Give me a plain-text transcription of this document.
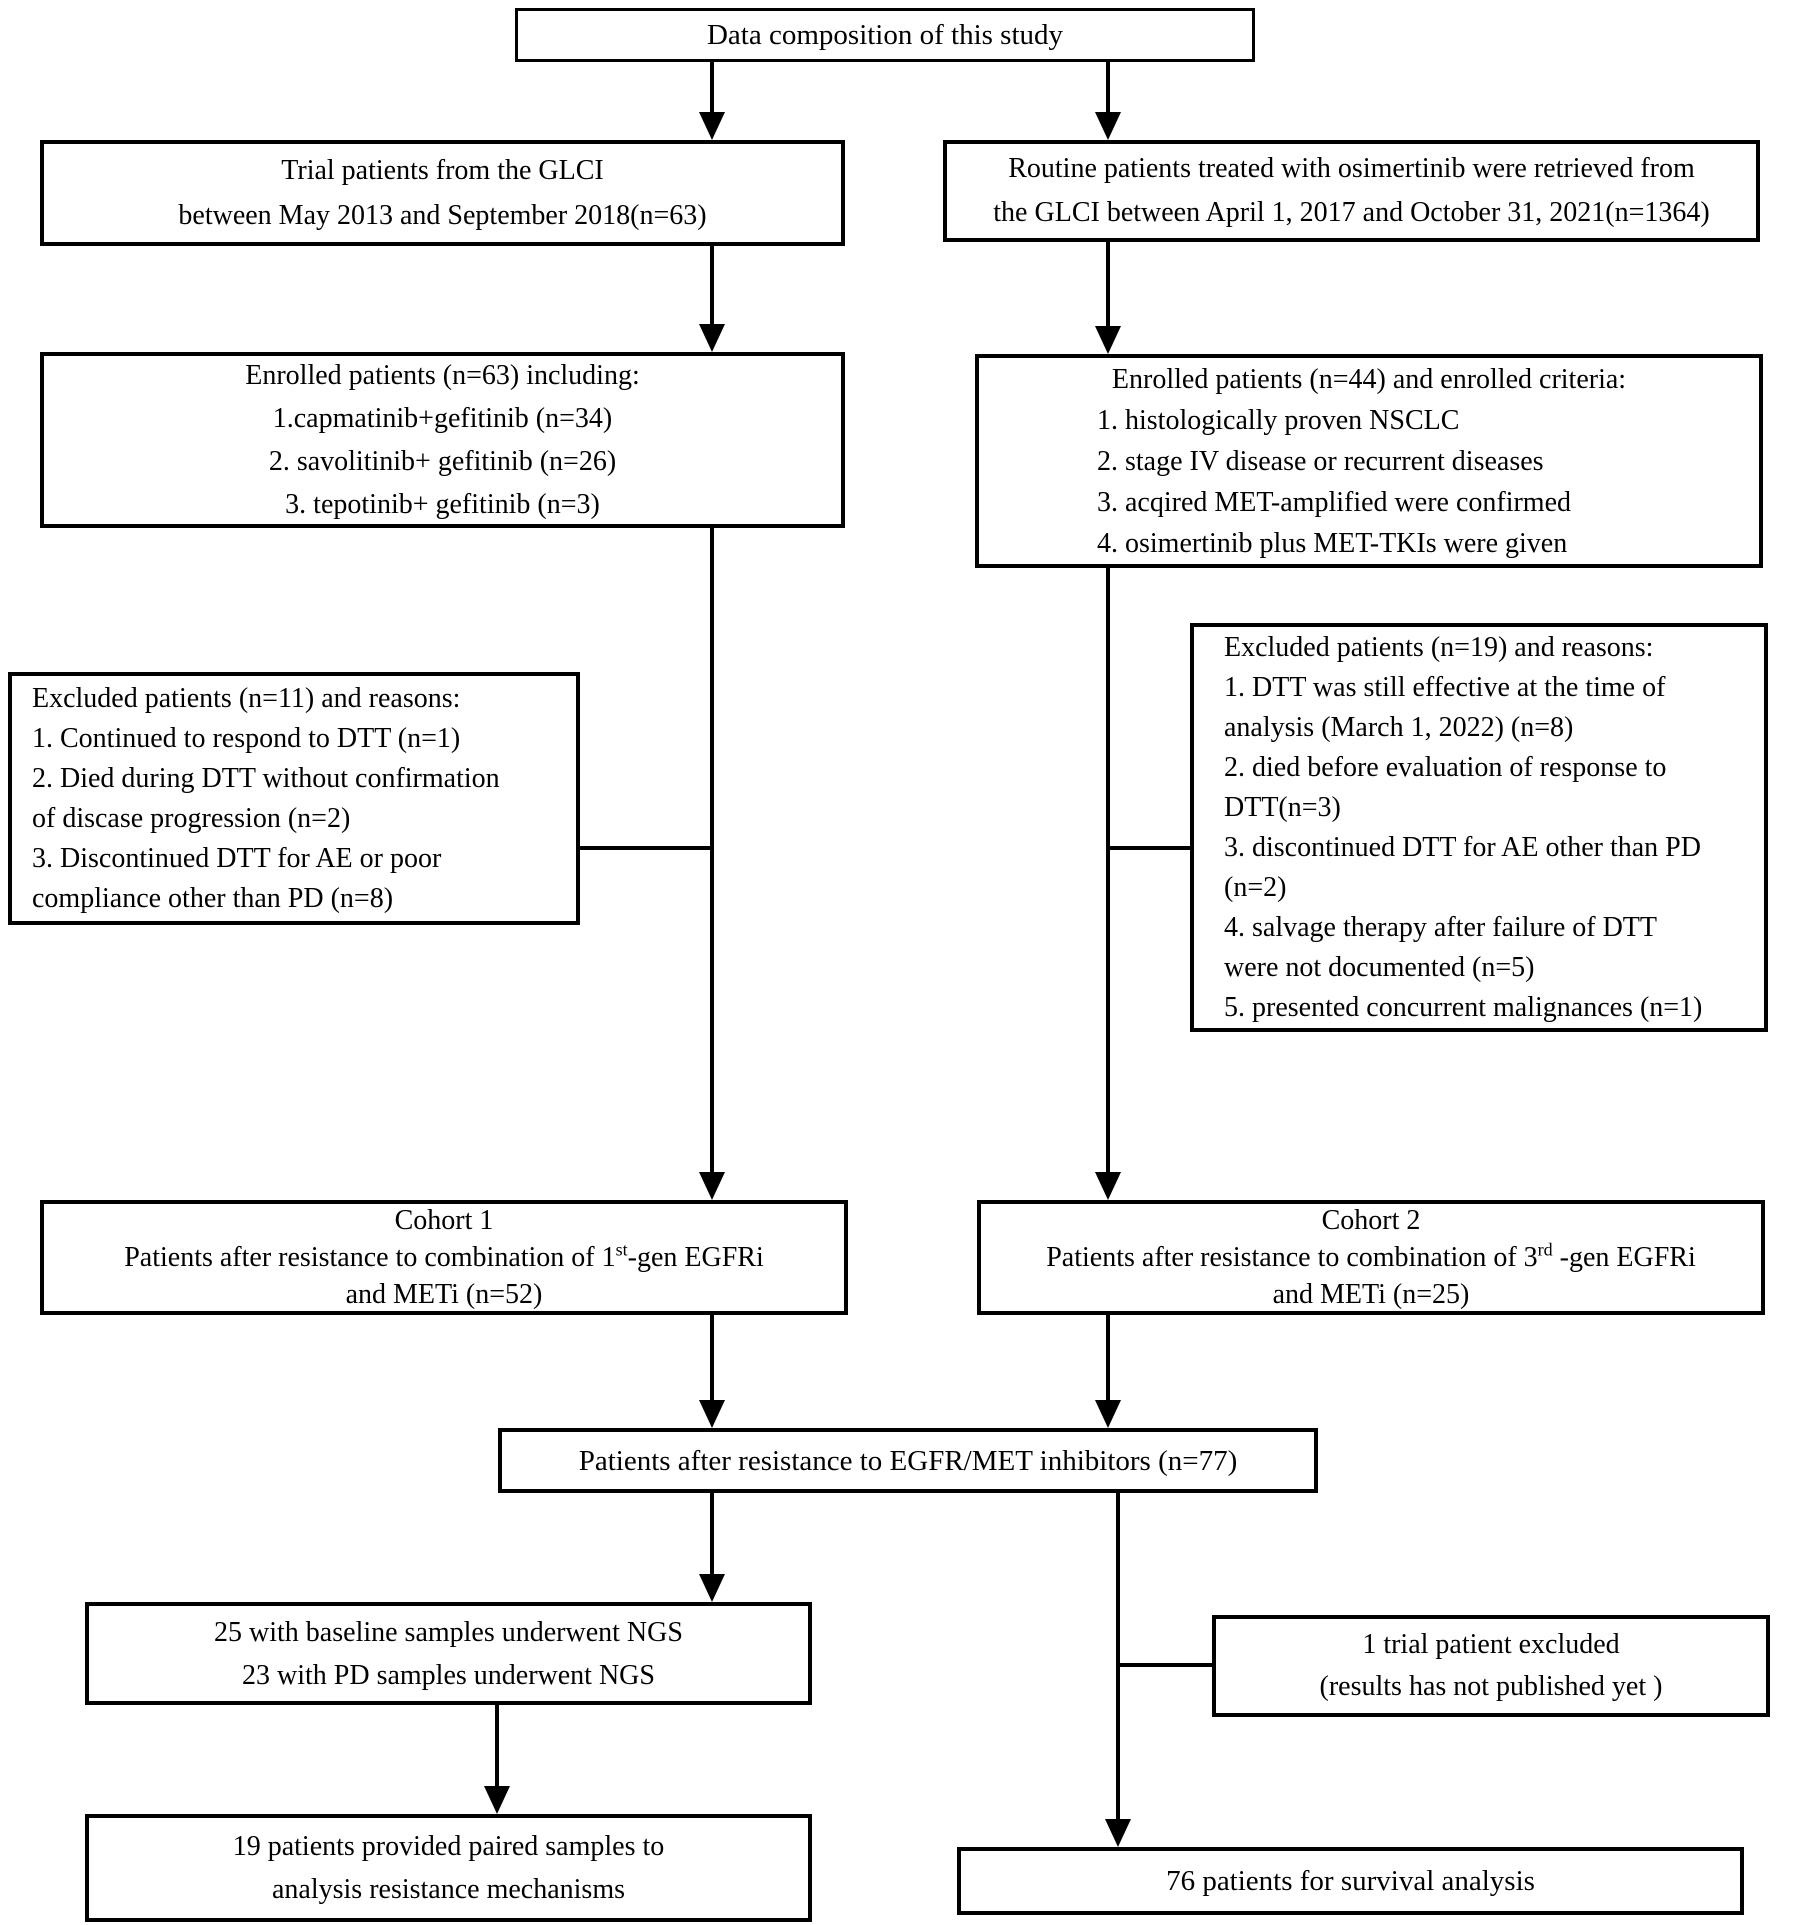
Data composition of this study
Trial patients from the GLCI
between May 2013 and September 2018(n=63)
Routine patients treated with osimertinib were retrieved from
the GLCI between April 1, 2017 and October 31, 2021(n=1364)
Enrolled patients (n=63) including:
1.capmatinib+gefitinib (n=34)
2. savolitinib+ gefitinib (n=26)
3. tepotinib+ gefitinib (n=3)
Enrolled patients (n=44) and enrolled criteria:
1. histologically proven NSCLC
2. stage IV disease or recurrent diseases
3. acqired MET-amplified were confirmed
4. osimertinib plus MET-TKIs were given
Excluded patients (n=11) and reasons:
1. Continued to respond to DTT (n=1)
2. Died during DTT without confirmation
of discase progression (n=2)
3. Discontinued DTT for AE or poor
compliance other than PD (n=8)
Excluded patients (n=19) and reasons:
1. DTT was still effective at the time of
analysis (March 1, 2022) (n=8)
2. died before evaluation of response to
DTT(n=3)
3. discontinued DTT for AE other than PD
(n=2)
4. salvage therapy after failure of DTT
were not documented (n=5)
5. presented concurrent malignances (n=1)
Cohort 1
Patients after resistance to combination of 1st-gen EGFRi
and METi (n=52)
Cohort 2
Patients after resistance to combination of 3rd -gen EGFRi
and METi (n=25)
Patients after resistance to EGFR/MET inhibitors (n=77)
25 with baseline samples underwent NGS
23 with PD samples underwent NGS
1 trial patient excluded
(results has not published yet )
19 patients provided paired samples to
analysis resistance mechanisms	76 patients for survival analysis
